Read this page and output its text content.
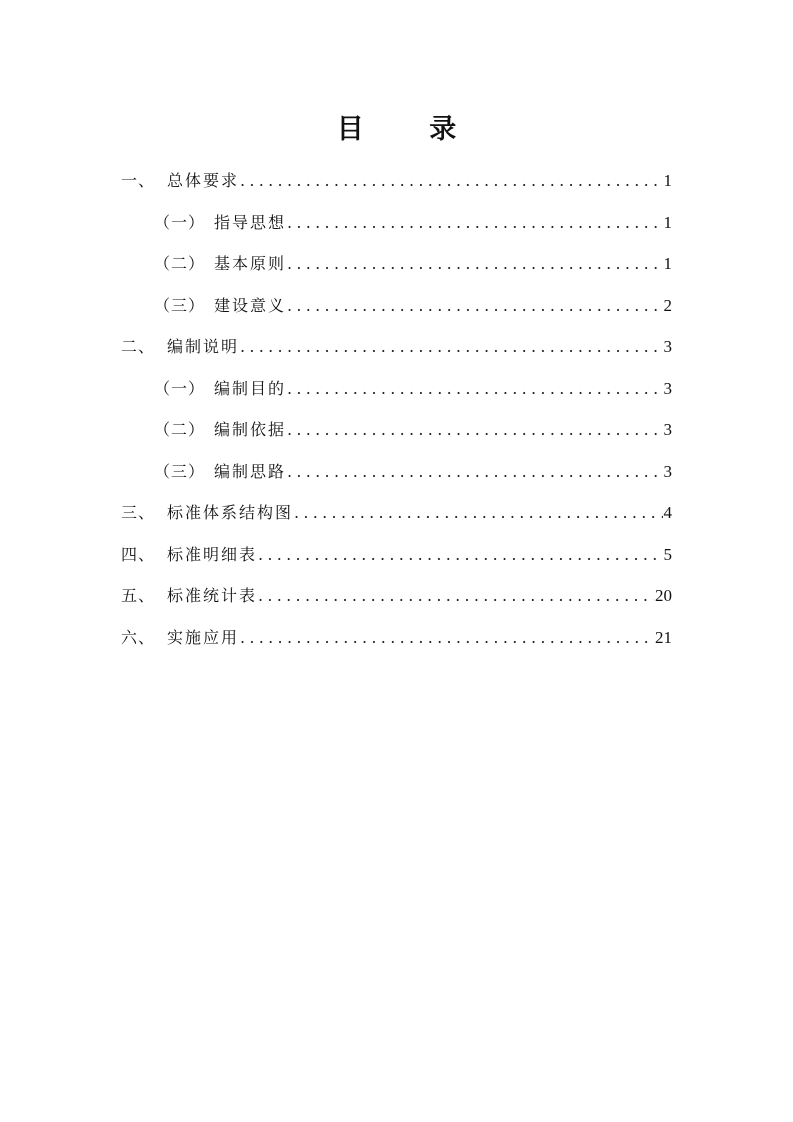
目 录
一、 总体要求 .....	1
（一） 指导思想 .....	1
（二） 基本原则 .....	1
（三） 建设意义 .....	2
二、 编制说明 .....	3
（一） 编制目的 .....	3
（二） 编制依据 .....	3
（三） 编制思路 .....	3
三、 标准体系结构图 .....	4
四、 标准明细表 .....	5
五、 标准统计表 .....	20
六、 实施应用 .....	21
